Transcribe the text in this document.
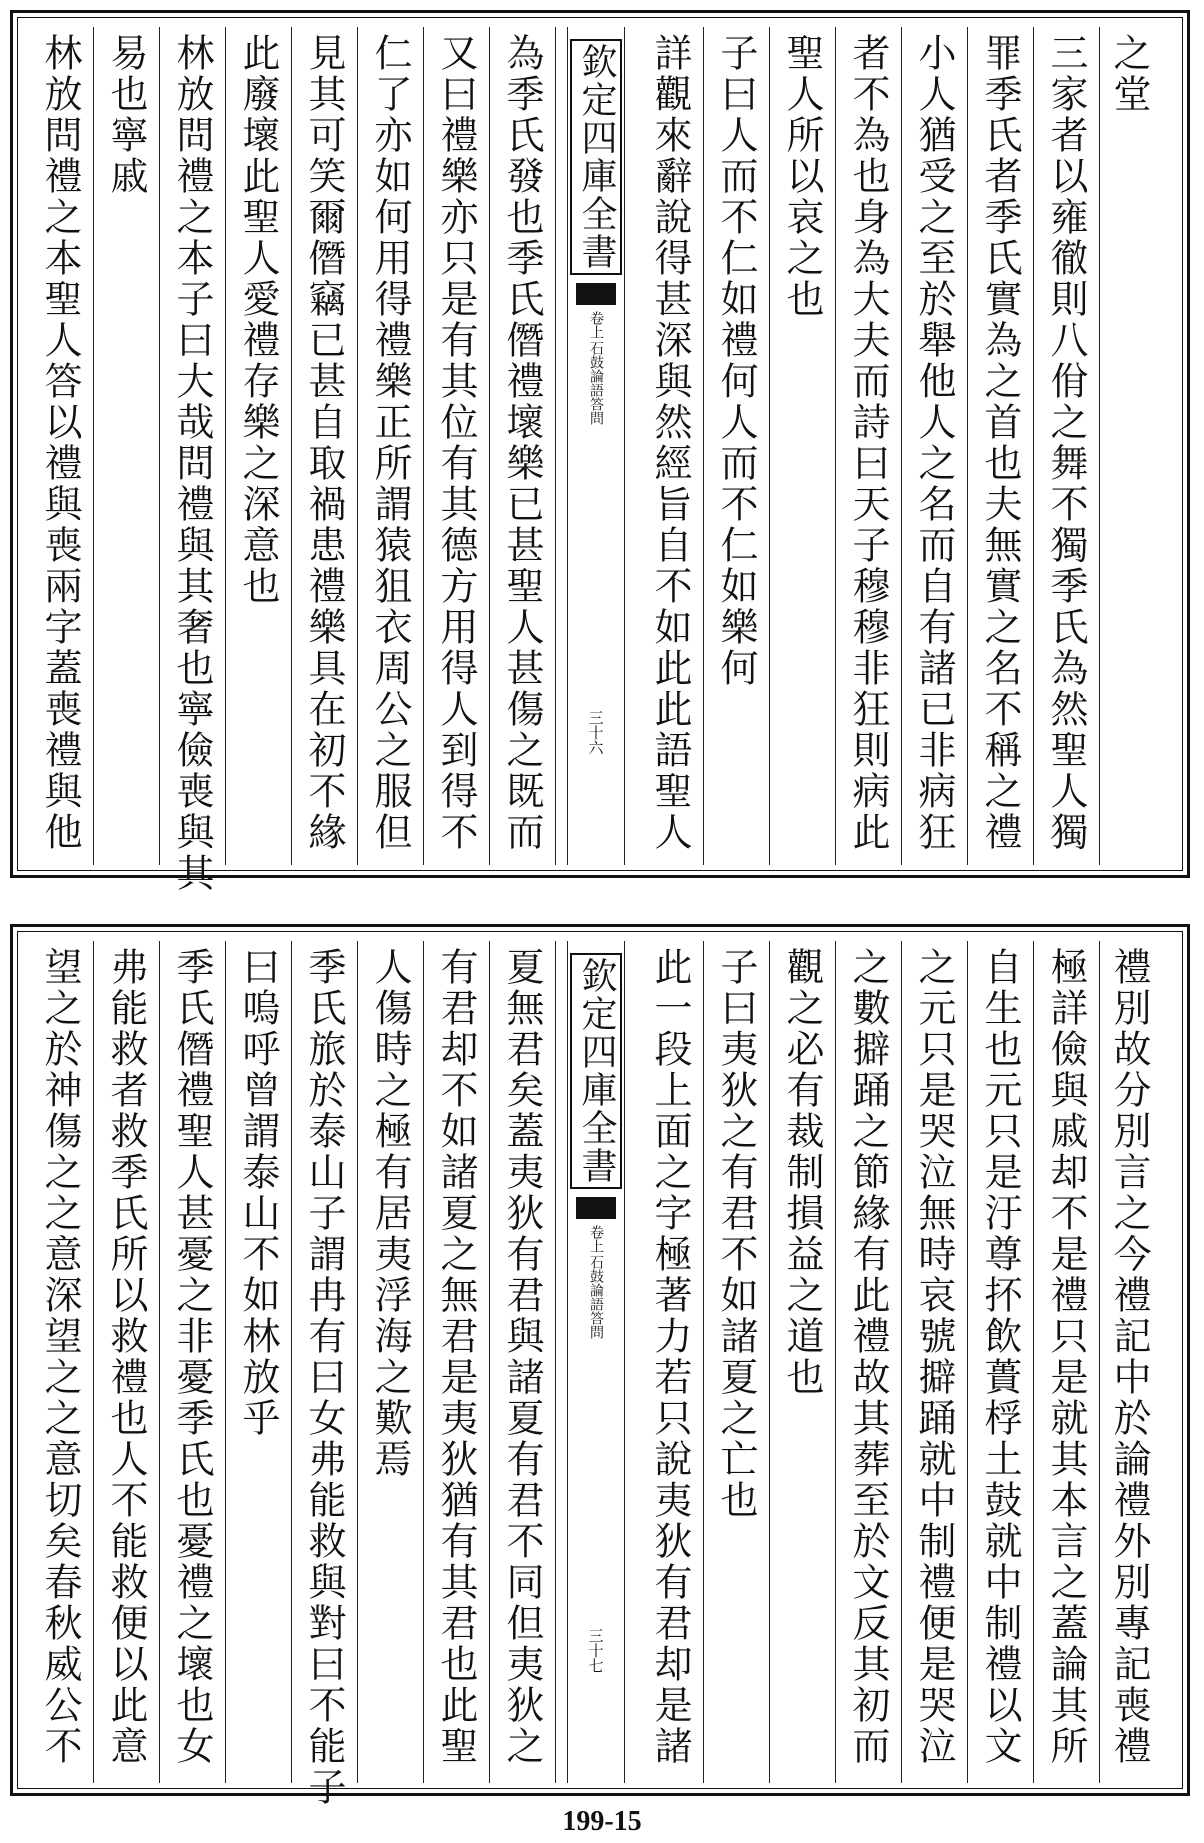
林放問禮之本聖人答以禮與喪兩字蓋喪禮與他 易也寧戚 林放問禮之本子曰大哉問禮與其奢也寧儉喪與其 此廢壞此聖人愛禮存樂之深意也 見其可笑爾僭竊已甚自取禍患禮樂具在初不緣 仁了亦如何用得禮樂正所謂猿狙衣周公之服但 又曰禮樂亦只是有其位有其德方用得人到得不 為季氏發也季氏僭禮壞樂已甚聖人甚傷之既而 欽定四庫全書
卷上
石鼓論語答問
三十六 詳觀來辭說得甚深與然經旨自不如此此語聖人 子曰人而不仁如禮何人而不仁如樂何 聖人所以哀之也 者不為也身為大夫而詩曰天子穆穆非狂則病此 小人猶受之至於舉他人之名而自有諸已非病狂 罪季氏者季氏實為之首也夫無實之名不稱之禮 三家者以雍徹則八佾之舞不獨季氏為然聖人獨 之堂
望之於神傷之之意深望之之意切矣春秋威公不 弗能救者救季氏所以救禮也人不能救便以此意 季氏僭禮聖人甚憂之非憂季氏也憂禮之壞也女 曰嗚呼曾謂泰山不如林放乎 季氏旅於泰山子謂冉有曰女弗能救與對曰不能子 人傷時之極有居夷浮海之歎焉 有君却不如諸夏之無君是夷狄猶有其君也此聖 夏無君矣蓋夷狄有君與諸夏有君不同但夷狄之 欽定四庫全書
卷上
石鼓論語答問
三十七 此一段上面之字極著力若只說夷狄有君却是諸 子曰夷狄之有君不如諸夏之亡也 觀之必有裁制損益之道也 之數擗踊之節緣有此禮故其葬至於文反其初而 之元只是哭泣無時哀號擗踊就中制禮便是哭泣 自生也元只是汙尊抔飲蕢桴土鼓就中制禮以文 極詳儉與戚却不是禮只是就其本言之蓋論其所 禮別故分別言之今禮記中於論禮外別專記喪禮
199-15
